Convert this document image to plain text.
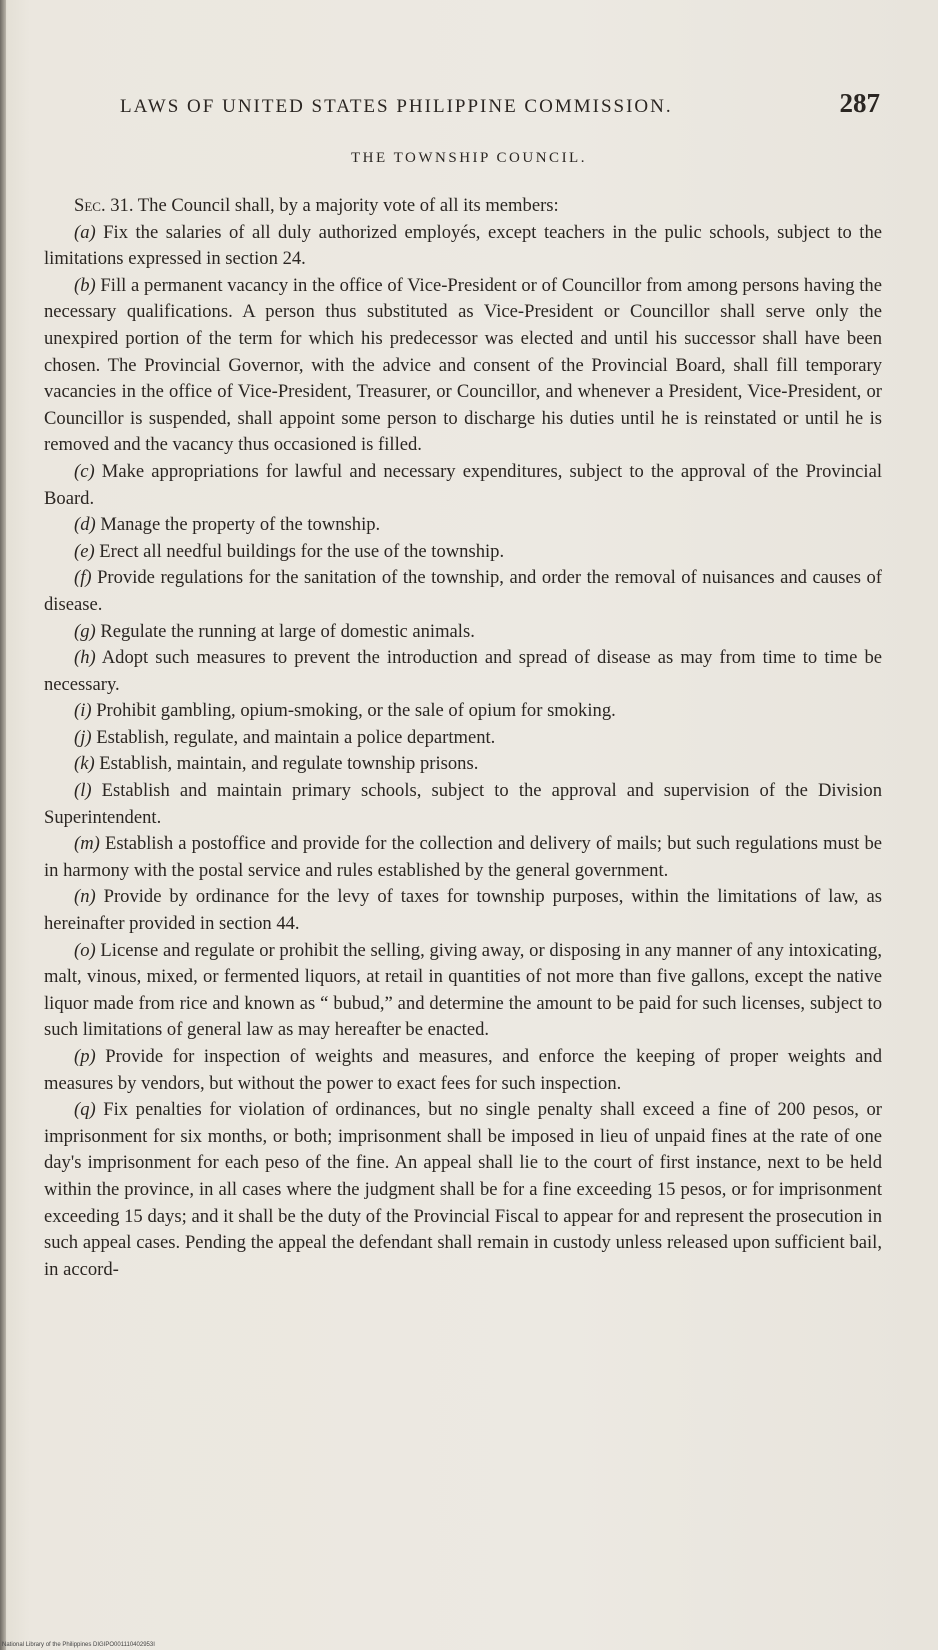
LAWS OF UNITED STATES PHILIPPINE COMMISSION.	287
THE TOWNSHIP COUNCIL.

Sec. 31. The Council shall, by a majority vote of all its members:

(a) Fix the salaries of all duly authorized employés, except teachers in the pulic schools, subject to the limitations expressed in section 24.

(b) Fill a permanent vacancy in the office of Vice-President or of Councillor from among persons having the necessary qualifications. A person thus substituted as Vice-President or Councillor shall serve only the unexpired portion of the term for which his predecessor was elected and until his successor shall have been chosen. The Provincial Governor, with the advice and consent of the Provincial Board, shall fill temporary vacancies in the office of Vice-President, Treasurer, or Councillor, and whenever a President, Vice-President, or Councillor is suspended, shall appoint some person to discharge his duties until he is reinstated or until he is removed and the vacancy thus occasioned is filled.

(c) Make appropriations for lawful and necessary expenditures, subject to the approval of the Provincial Board.

(d) Manage the property of the township.

(e) Erect all needful buildings for the use of the township.

(f) Provide regulations for the sanitation of the township, and order the removal of nuisances and causes of disease.

(g) Regulate the running at large of domestic animals.

(h) Adopt such measures to prevent the introduction and spread of disease as may from time to time be necessary.

(i) Prohibit gambling, opium-smoking, or the sale of opium for smoking.

(j) Establish, regulate, and maintain a police department.

(k) Establish, maintain, and regulate township prisons.

(l) Establish and maintain primary schools, subject to the approval and supervision of the Division Superintendent.

(m) Establish a postoffice and provide for the collection and delivery of mails; but such regulations must be in harmony with the postal service and rules established by the general government.

(n) Provide by ordinance for the levy of taxes for township purposes, within the limitations of law, as hereinafter provided in section 44.

(o) License and regulate or prohibit the selling, giving away, or disposing in any manner of any intoxicating, malt, vinous, mixed, or fermented liquors, at retail in quantities of not more than five gallons, except the native liquor made from rice and known as “ bubud,” and determine the amount to be paid for such licenses, subject to such limitations of general law as may hereafter be enacted.

(p) Provide for inspection of weights and measures, and enforce the keeping of proper weights and measures by vendors, but without the power to exact fees for such inspection.

(q) Fix penalties for violation of ordinances, but no single penalty shall exceed a fine of 200 pesos, or imprisonment for six months, or both; imprisonment shall be imposed in lieu of unpaid fines at the rate of one day's imprisonment for each peso of the fine. An appeal shall lie to the court of first instance, next to be held within the province, in all cases where the judgment shall be for a fine exceeding 15 pesos, or for imprisonment exceeding 15 days; and it shall be the duty of the Provincial Fiscal to appear for and represent the prosecution in such appeal cases. Pending the appeal the defendant shall remain in custody unless released upon sufficient bail, in accord-

National Library of the Philippines DIGIPO001110402953I
